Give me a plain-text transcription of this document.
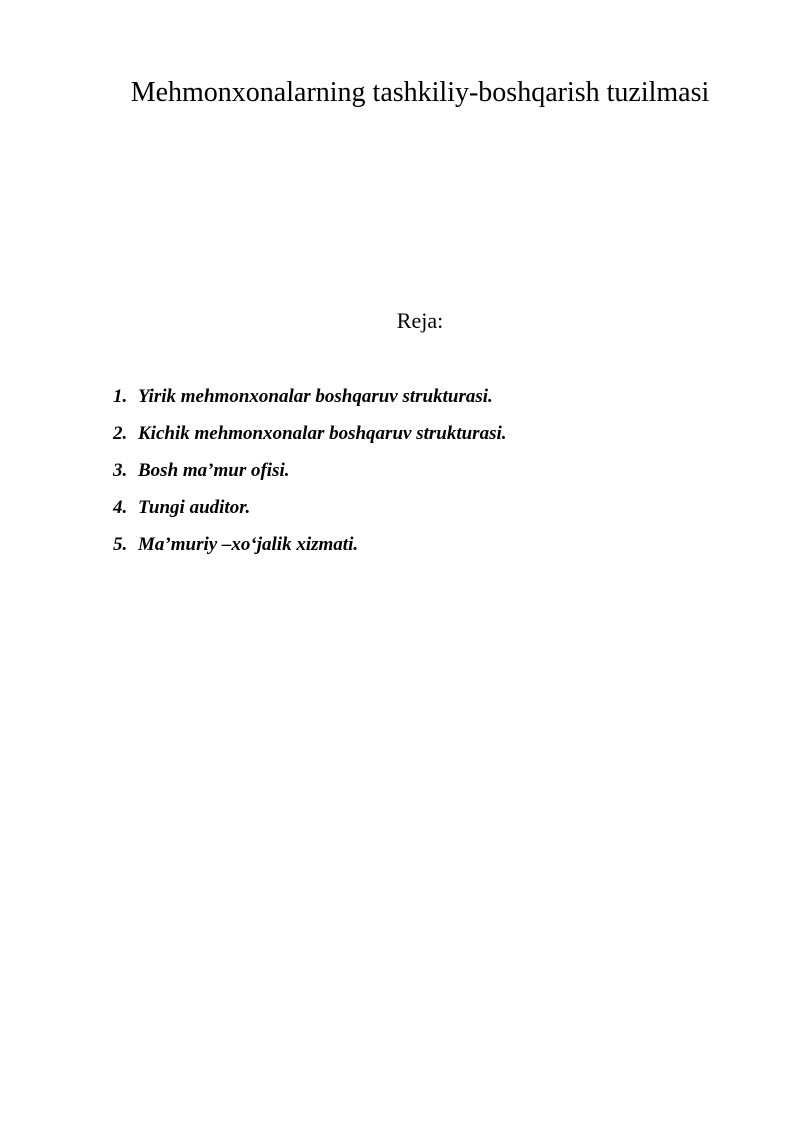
Mehmonxonalarning tashkiliy-boshqarish tuzilmasi
Reja:
1. Yirik mehmonxonalar boshqaruv strukturasi.
2. Kichik mehmonxonalar boshqaruv strukturasi.
3. Bosh ma’mur ofisi.
4. Tungi auditor.
5. Ma’muriy –xo‘jalik xizmati.
